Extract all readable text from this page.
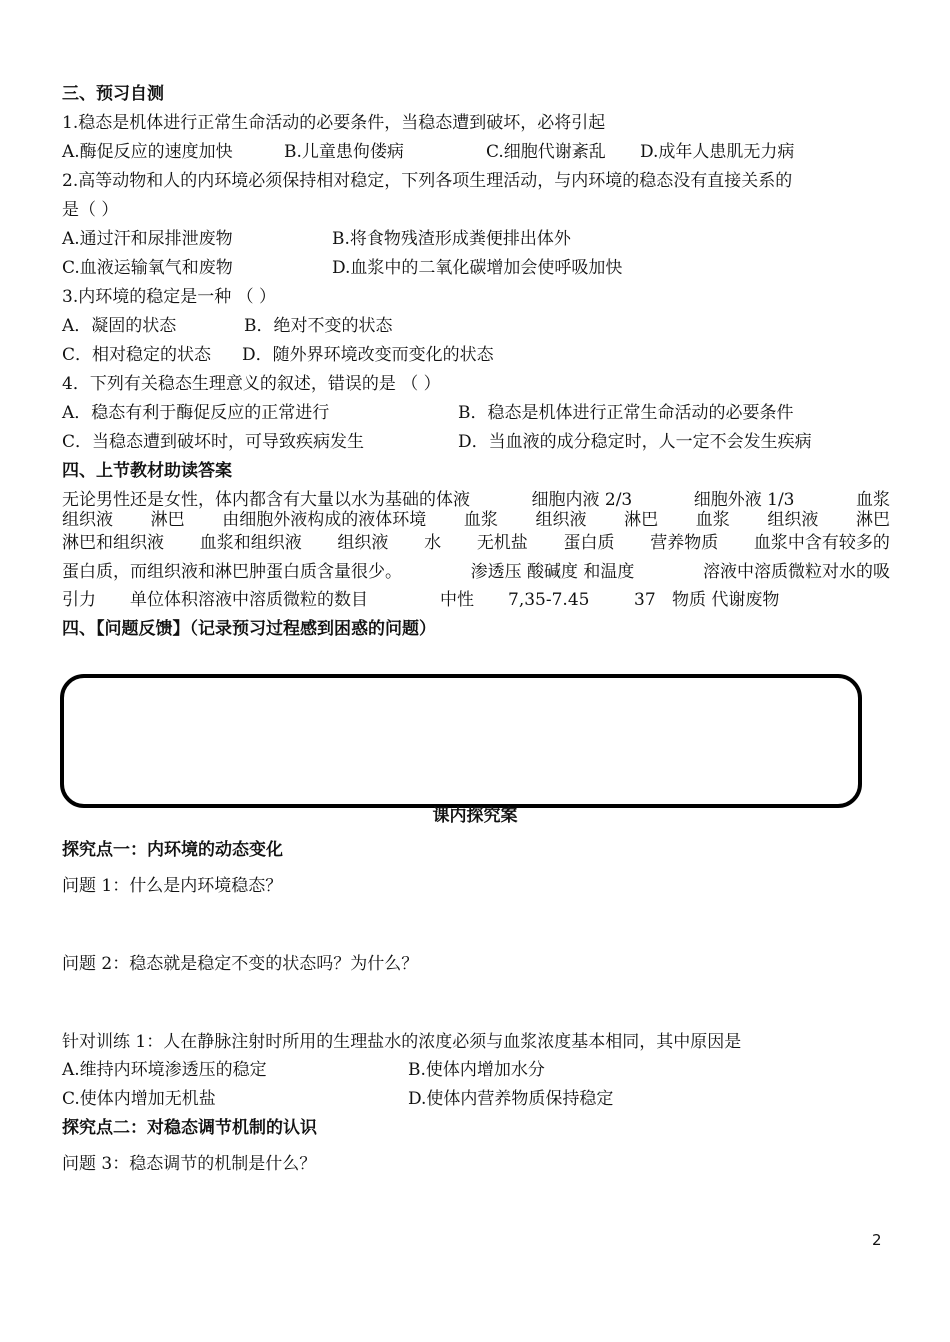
三、预习自测
1.稳态是机体进行正常生命活动的必要条件，当稳态遭到破坏，必将引起
A.酶促反应的速度加快	B.儿童患佝偻病	C.细胞代谢紊乱 D.成年人患肌无力病
2.高等动物和人的内环境必须保持相对稳定，下列各项生理活动，与内环境的稳态没有直接关系的
是（ ）
A.通过汗和尿排泄废物	B.将食物残渣形成粪便排出体外
C.血液运输氧气和废物	D.血浆中的二氧化碳增加会使呼吸加快
3.内环境的稳定是一种 （ ）
A．凝固的状态	B．绝对不变的状态
C．相对稳定的状态 D．随外界环境改变而变化的状态
4．下列有关稳态生理意义的叙述，错误的是 （ ）
A．稳态有利于酶促反应的正常进行	B．稳态是机体进行正常生命活动的必要条件
C．当稳态遭到破坏时，可导致疾病发生	D．当血液的成分稳定时，人一定不会发生疾病
四、上节教材助读答案
无论男性还是女性，体内都含有大量以水为基础的体液	细胞内液 2/3	细胞外液 1/3	血浆
组织液 淋巴 由细胞外液构成的液体环境 血浆 组织液 淋巴 血浆 组织液 淋巴
淋巴和组织液 血浆和组织液 组织液 水 无机盐 蛋白质 营养物质 血浆中含有较多的
蛋白质，而组织液和淋巴肿蛋白质含量很少。	渗透压 酸碱度 和温度	溶液中溶质微粒对水的吸
引力 单位体积溶液中溶质微粒的数目	中性 7,35-7.45	37 物质 代谢废物
四、【问题反馈】（记录预习过程感到困惑的问题）
课内探究案
探究点一：内环境的动态变化
问题 1：什么是内环境稳态？
问题 2：稳态就是稳定不变的状态吗？为什么？
针对训练 1：人在静脉注射时所用的生理盐水的浓度必须与血浆浓度基本相同，其中原因是
A.维持内环境渗透压的稳定	B.使体内增加水分
C.使体内增加无机盐	D.使体内营养物质保持稳定
探究点二：对稳态调节机制的认识
问题 3：稳态调节的机制是什么？
2
